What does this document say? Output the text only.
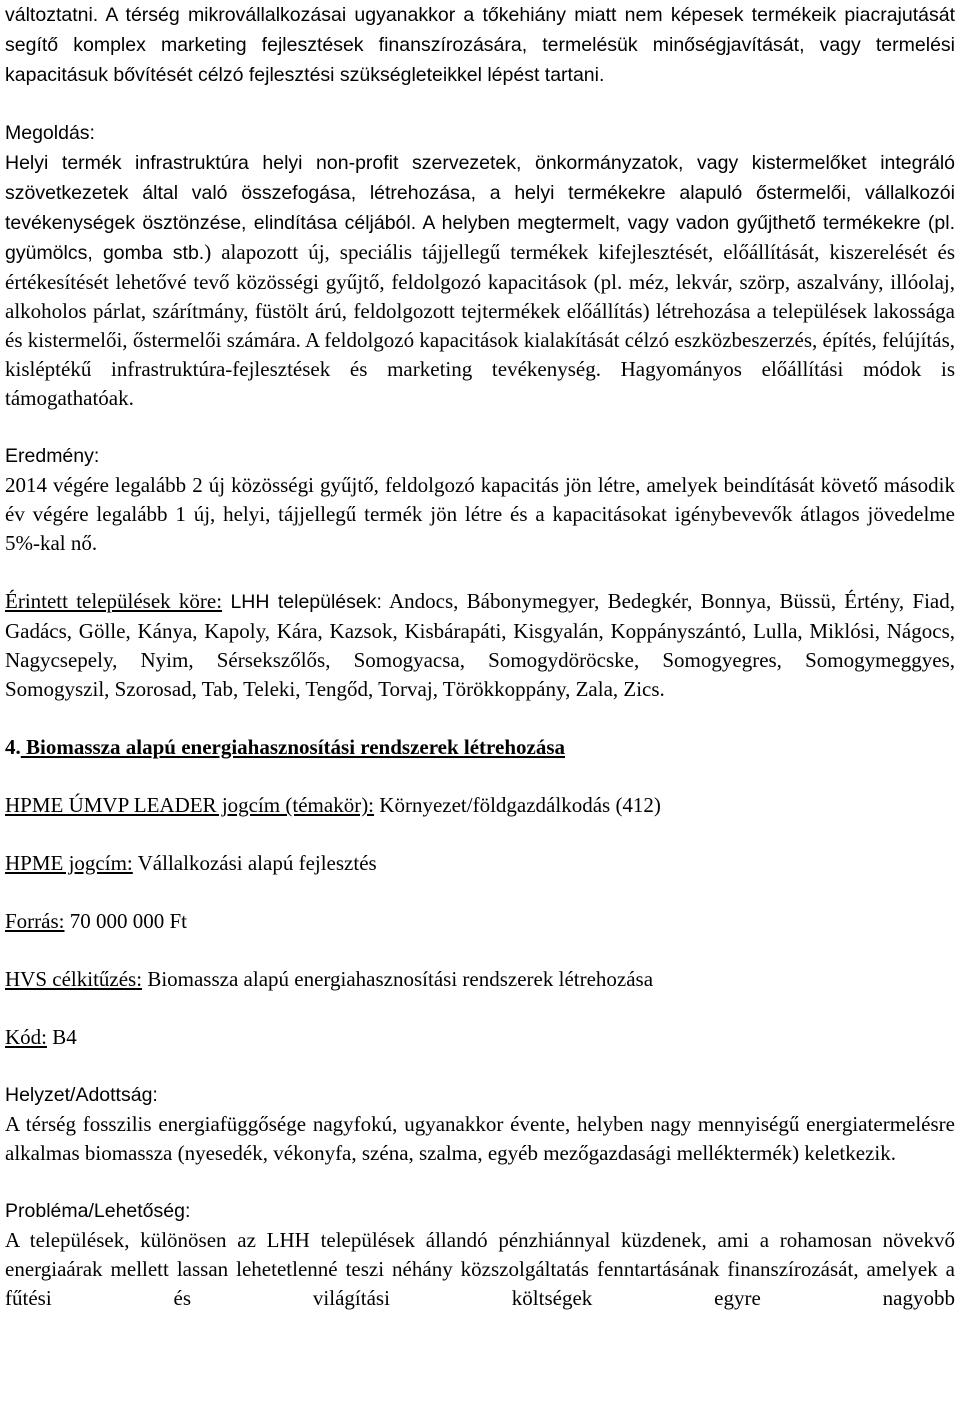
változtatni. A térség mikrovállalkozásai ugyanakkor a tőkehiány miatt nem képesek termékeik piacrajutását segítő komplex marketing fejlesztések finanszírozására, termelésük minőségjavítását, vagy termelési kapacitásuk bővítését célzó fejlesztési szükségleteikkel lépést tartani.

Megoldás:

Helyi termék infrastruktúra helyi non-profit szervezetek, önkormányzatok, vagy kistermelőket integráló szövetkezetek által való összefogása, létrehozása, a helyi termékekre alapuló őstermelői, vállalkozói tevékenységek ösztönzése, elindítása céljából. A helyben megtermelt, vagy vadon gyűjthető termékekre (pl. gyümölcs, gomba stb.) alapozott új, speciális tájjellegű termékek kifejlesztését, előállítását, kiszerelését és értékesítését lehetővé tevő közösségi gyűjtő, feldolgozó kapacitások (pl. méz, lekvár, szörp, aszalvány, illóolaj, alkoholos párlat, szárítmány, füstölt árú, feldolgozott tejtermékek előállítás) létrehozása a települések lakossága és kistermelői, őstermelői számára. A feldolgozó kapacitások kialakítását célzó eszközbeszerzés, építés, felújítás, kisléptékű infrastruktúra-fejlesztések és marketing tevékenység. Hagyományos előállítási módok is támogathatóak.

Eredmény:

2014 végére legalább 2 új közösségi gyűjtő, feldolgozó kapacitás jön létre, amelyek beindítását követő második év végére legalább 1 új, helyi, tájjellegű termék jön létre és a kapacitásokat igénybevevők átlagos jövedelme 5%-kal nő.

Érintett települések köre: LHH települések: Andocs, Bábonymegyer, Bedegkér, Bonnya, Büssü, Értény, Fiad, Gadács, Gölle, Kánya, Kapoly, Kára, Kazsok, Kisbárapáti, Kisgyalán, Koppányszántó, Lulla, Miklósi, Nágocs, Nagycsepely, Nyim, Sérsekszőlős, Somogyacsa, Somogydöröcske, Somogyegres, Somogymeggyes, Somogyszil, Szorosad, Tab, Teleki, Tengőd, Torvaj, Törökkoppány, Zala, Zics.

4. Biomassza alapú energiahasznosítási rendszerek létrehozása

HPME ÚMVP LEADER jogcím (témakör): Környezet/földgazdálkodás (412)

HPME jogcím: Vállalkozási alapú fejlesztés

Forrás: 70 000 000 Ft

HVS célkitűzés: Biomassza alapú energiahasznosítási rendszerek létrehozása

Kód: B4

Helyzet/Adottság:

A térség fosszilis energiafüggősége nagyfokú, ugyanakkor évente, helyben nagy mennyiségű energiatermelésre alkalmas biomassza (nyesedék, vékonyfa, széna, szalma, egyéb mezőgazdasági melléktermék) keletkezik.

Probléma/Lehetőség:

A települések, különösen az LHH települések állandó pénzhiánnyal küzdenek, ami a rohamosan növekvő energiaárak mellett lassan lehetetlenné teszi néhány közszolgáltatás fenntartásának finanszírozását, amelyek a fűtési és világítási költségek egyre nagyobb
